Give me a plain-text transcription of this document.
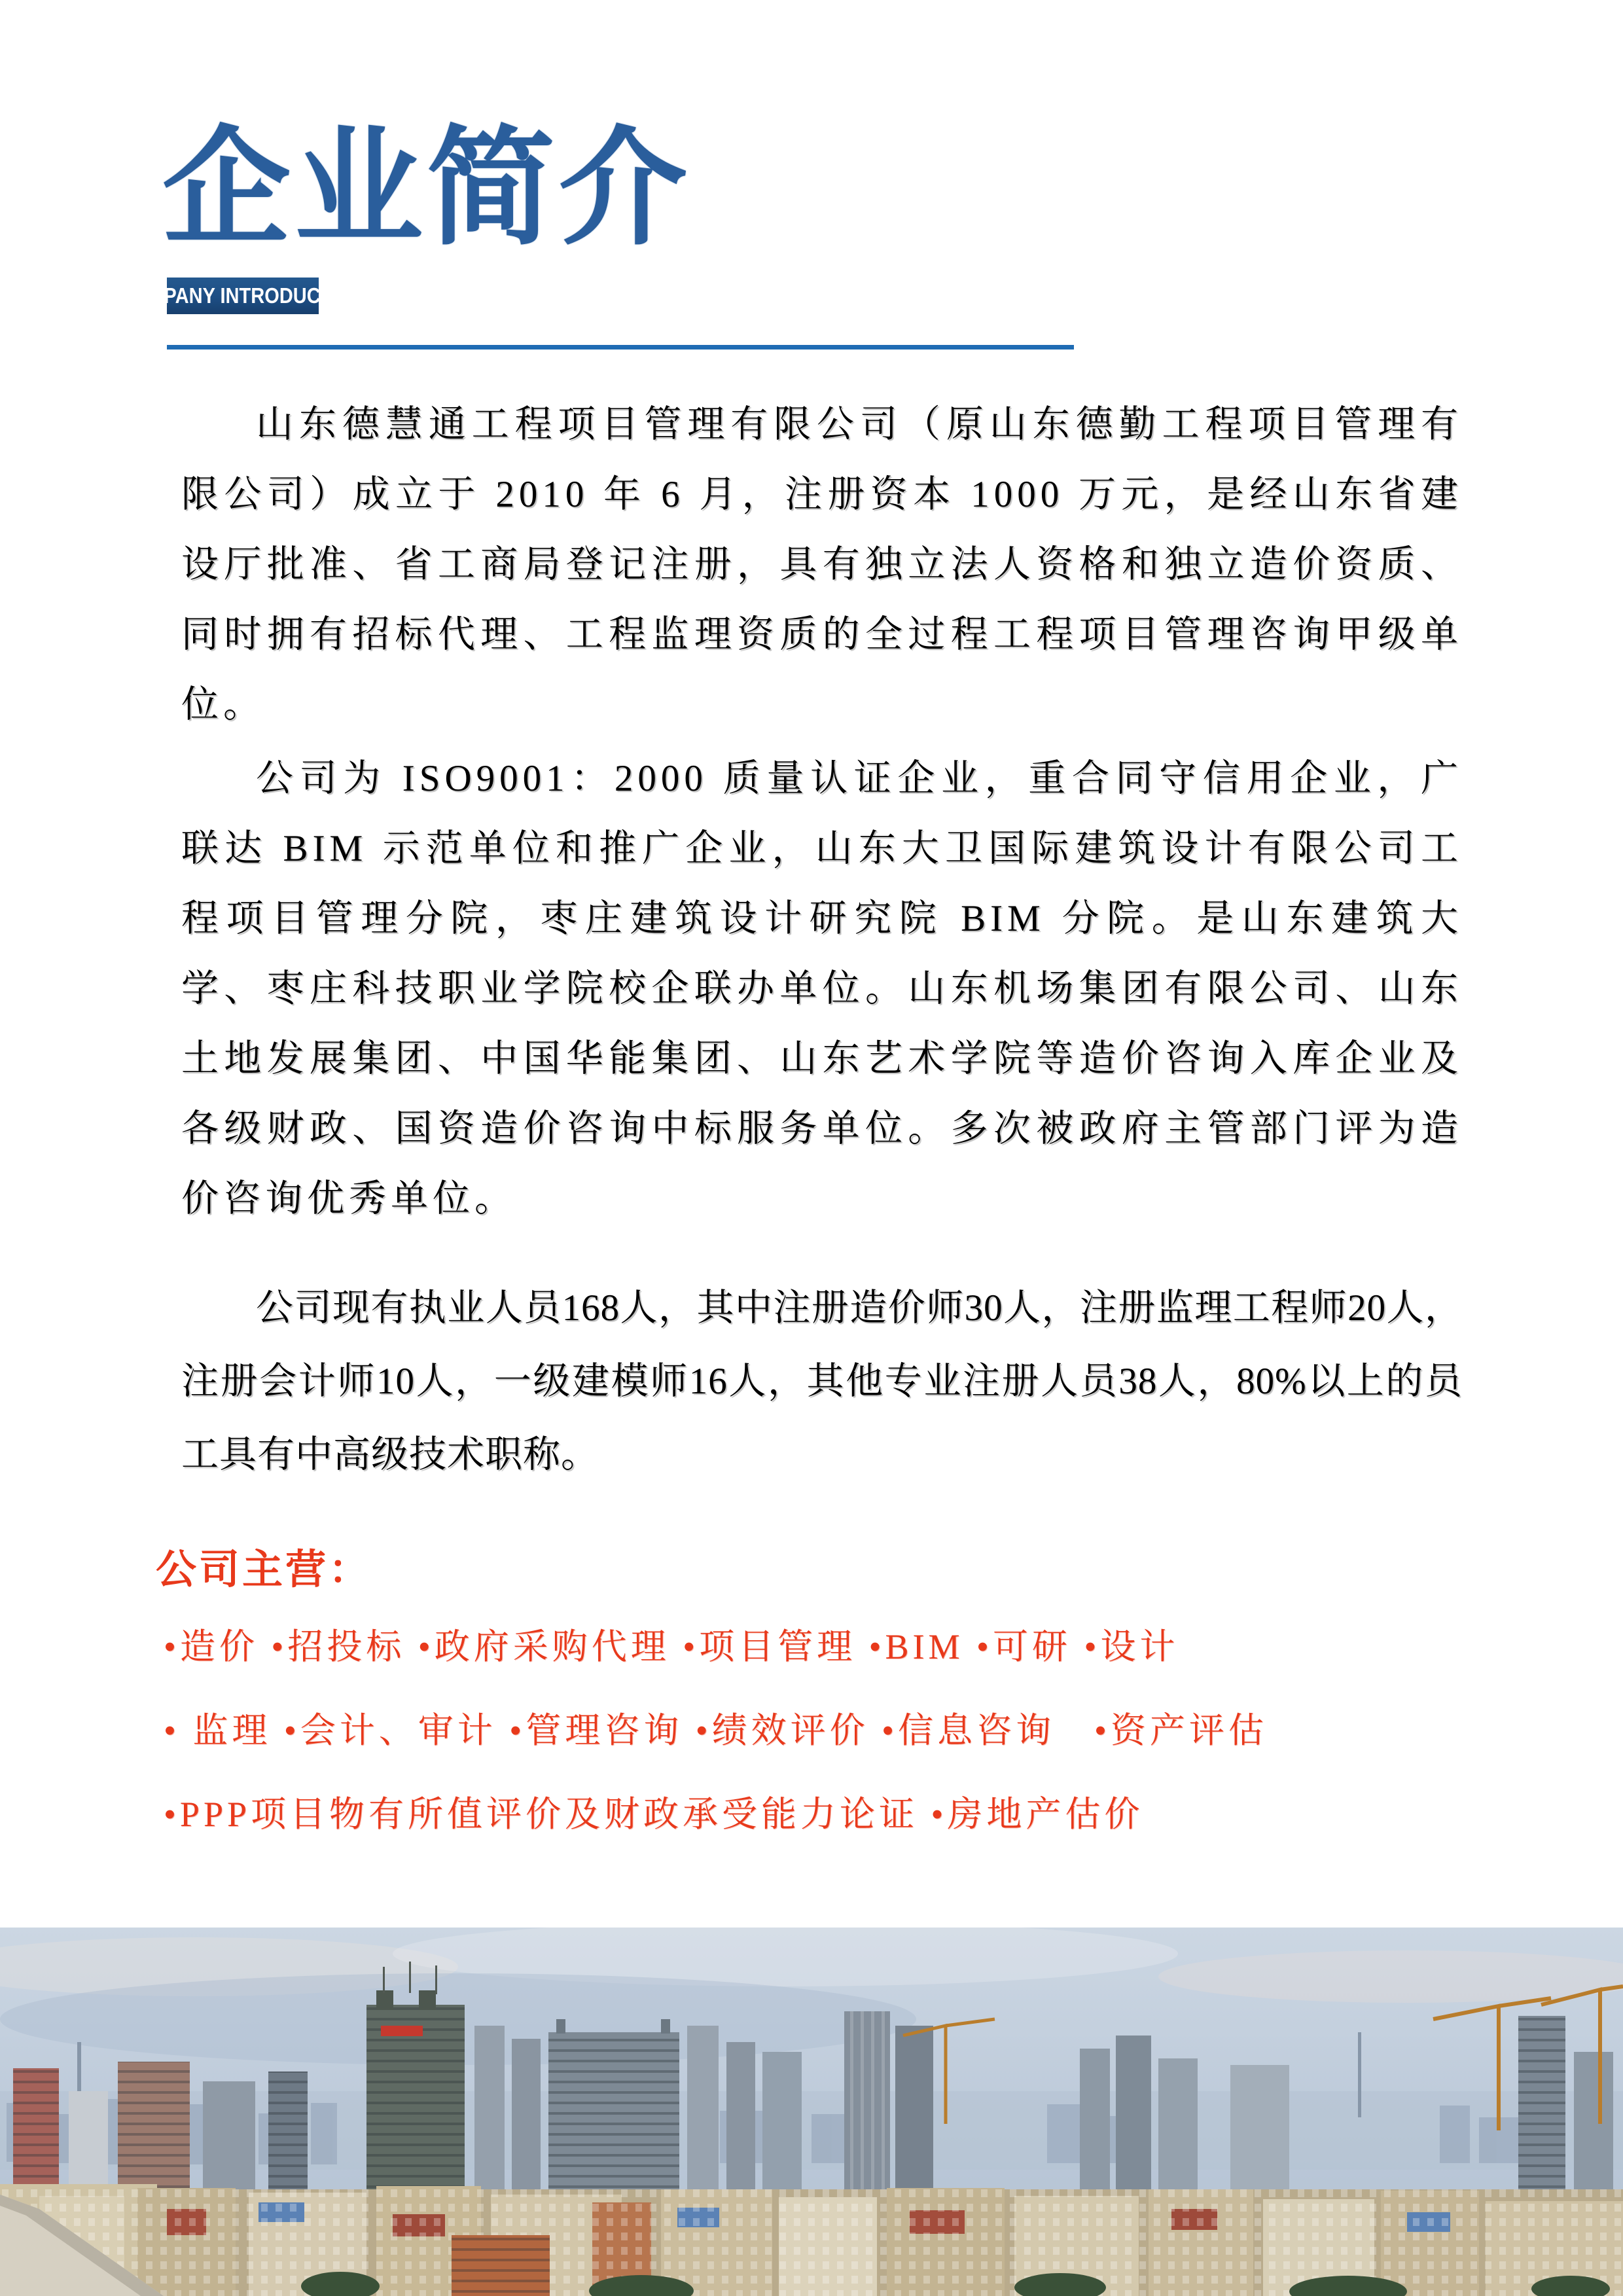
企业简介
COMPANY INTRODUCTION

山东德慧通工程项目管理有限公司（原山东德勤工程项目管理有限公司）成立于 2010 年 6 月，注册资本 1000 万元，是经山东省建设厅批准、省工商局登记注册，具有独立法人资格和独立造价资质、同时拥有招标代理、工程监理资质的全过程工程项目管理咨询甲级单位。

公司为 ISO9001：2000 质量认证企业，重合同守信用企业，广联达 BIM 示范单位和推广企业，山东大卫国际建筑设计有限公司工程项目管理分院，枣庄建筑设计研究院 BIM 分院。是山东建筑大学、枣庄科技职业学院校企联办单位。山东机场集团有限公司、山东土地发展集团、中国华能集团、山东艺术学院等造价咨询入库企业及各级财政、国资造价咨询中标服务单位。多次被政府主管部门评为造价咨询优秀单位。

公司现有执业人员168人，其中注册造价师30人，注册监理工程师20人，注册会计师10人，一级建模师16人，其他专业注册人员38人，80%以上的员工具有中高级技术职称。

公司主营：
•造价 •招投标 •政府采购代理 •项目管理 •BIM •可研 •设计
• 监理 •会计、审计 •管理咨询 •绩效评价 •信息咨询　•资产评估
•PPP项目物有所值评价及财政承受能力论证 •房地产估价
